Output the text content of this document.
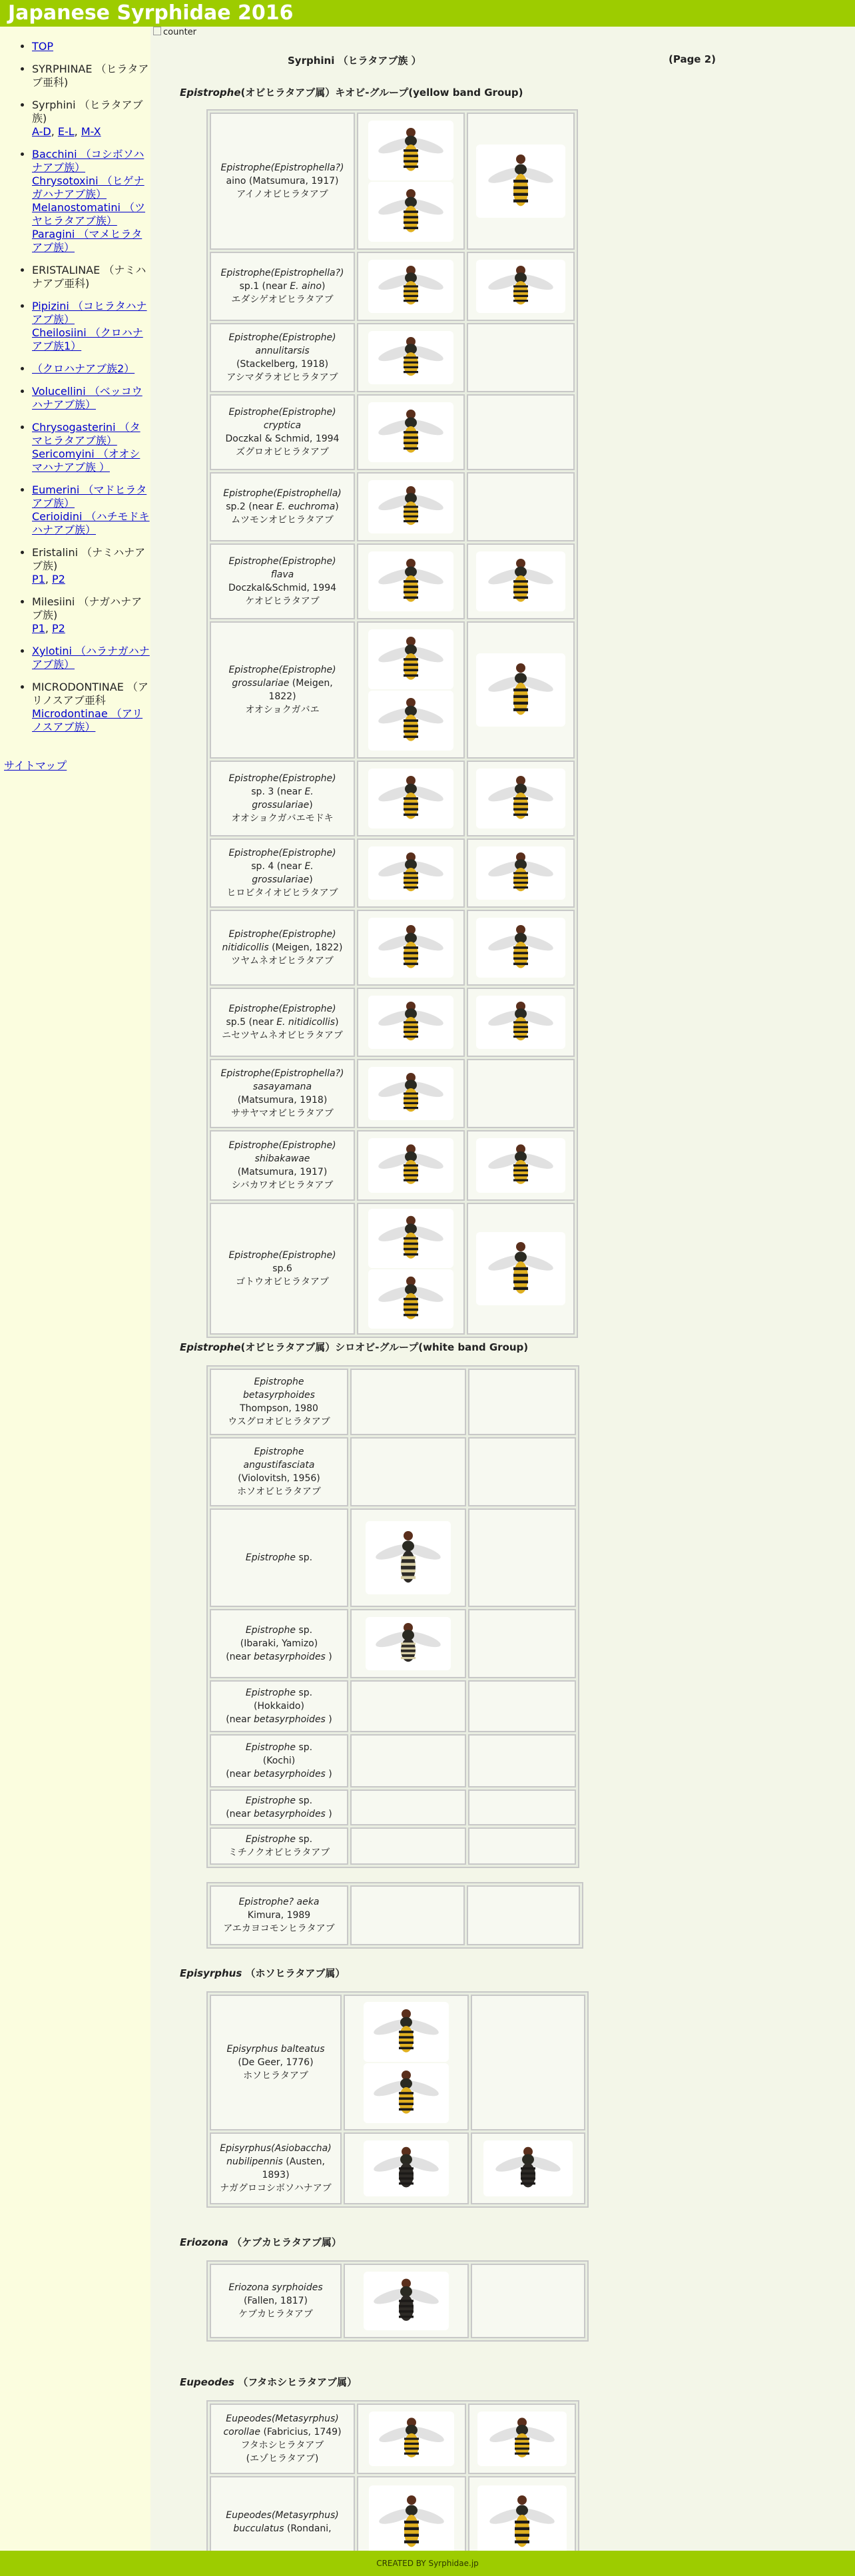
Japanese Syrphidae 2016
• TOP
• SYRPHINAE （ヒラタアブ亜科)
• Syrphini （ヒラタアブ族)
A-D, E-L, M-X
• Bacchini （コシボソハナアブ族）
Chrysotoxini （ヒゲナガハナアブ族）
Melanostomatini （ツヤヒラタアブ族）
Paragini （マメヒラタアブ族）
• ERISTALINAE （ナミハナアブ亜科)
• Pipizini （コヒラタハナアブ族）
Cheilosiini （クロハナアブ族1）
• （クロハナアブ族2）
• Volucellini （ベッコウハナアブ族）
• Chrysogasterini （タマヒラタアブ族）
Sericomyini （オオシマハナアブ族 ）
• Eumerini （マドヒラタアブ族）
Cerioidini （ハチモドキハナアブ族）
• Eristalini （ナミハナアブ族)
P1, P2
• Milesiini （ナガハナアブ族)
P1, P2
• Xylotini （ハラナガハナアブ族）
• MICRODONTINAE （アリノスアブ亜科
Microdontinae （アリノスアブ族）
サイトマップ
counter
Syrphini （ヒラタアブ族 ）	(Page 2)
Epistrophe(オビヒラタアブ属）キオビ-グループ(yellow band Group)
Epistrophe(Epistrophella?)
aino (Matsumura, 1917)
アイノオビヒラタアブ	

Epistrophe(Epistrophella?)
sp.1 (near E. aino)
エダシゲオビヒラタアブ	

Epistrophe(Epistrophe)
annulitarsis
(Stackelberg, 1918)
アシマダラオビヒラタアブ	

Epistrophe(Epistrophe)
cryptica
Doczkal & Schmid, 1994
ズグロオビヒラタアブ	

Epistrophe(Epistrophella)
sp.2 (near E. euchroma)
ムツモンオビヒラタアブ	

Epistrophe(Epistrophe)
flava
Doczkal&Schmid, 1994
ケオビヒラタアブ	

Epistrophe(Epistrophe)
grossulariae (Meigen,
1822)
オオショクガバエ	

Epistrophe(Epistrophe)
sp. 3 (near E.
grossulariae)
オオショクガバエモドキ	

Epistrophe(Epistrophe)
sp. 4 (near E.
grossulariae)
ヒロビタイオビヒラタアブ	

Epistrophe(Epistrophe)
nitidicollis (Meigen, 1822)
ツヤムネオビヒラタアブ	

Epistrophe(Epistrophe)
sp.5 (near E. nitidicollis)
ニセツヤムネオビヒラタアブ	

Epistrophe(Epistrophella?)
sasayamana
(Matsumura, 1918)
ササヤマオビヒラタアブ	

Epistrophe(Epistrophe)
shibakawae
(Matsumura, 1917)
シバカワオビヒラタアブ	

Epistrophe(Epistrophe)
sp.6
ゴトウオビヒラタアブ	

Epistrophe(オビヒラタアブ属）シロオビ-グループ(white band Group)
Epistrophe
betasyrphoides
Thompson, 1980
ウスグロオビヒラタアブ		
Epistrophe
angustifasciata
(Violovitsh, 1956)
ホソオビヒラタアブ		
Epistrophe sp.	

Epistrophe sp.
(Ibaraki, Yamizo)
(near betasyrphoides )	

Epistrophe sp.
(Hokkaido)
(near betasyrphoides )		
Epistrophe sp.
(Kochi)
(near betasyrphoides )		
Epistrophe sp.
(near betasyrphoides )		
Epistrophe sp.
ミチノクオビヒラタアブ		
Epistrophe? aeka
Kimura, 1989
アエカヨコモンヒラタアブ		
Episyrphus （ホソヒラタアブ属）
Episyrphus balteatus
(De Geer, 1776)
ホソヒラタアブ	

Episyrphus(Asiobaccha)
nubilipennis (Austen,
1893)
ナガグロコシボソハナアブ	

Eriozona （ケブカヒラタアブ属）
Eriozona syrphoides
(Fallen, 1817)
ケブカヒラタアブ	

Eupeodes （フタホシヒラタアブ属）
Eupeodes(Metasyrphus)
corollae (Fabricius, 1749)
フタホシヒラタアブ
(エゾヒラタアブ)	

Eupeodes(Metasyrphus)
bucculatus (Rondani,	

CREATED BY Syrphidae.jp
